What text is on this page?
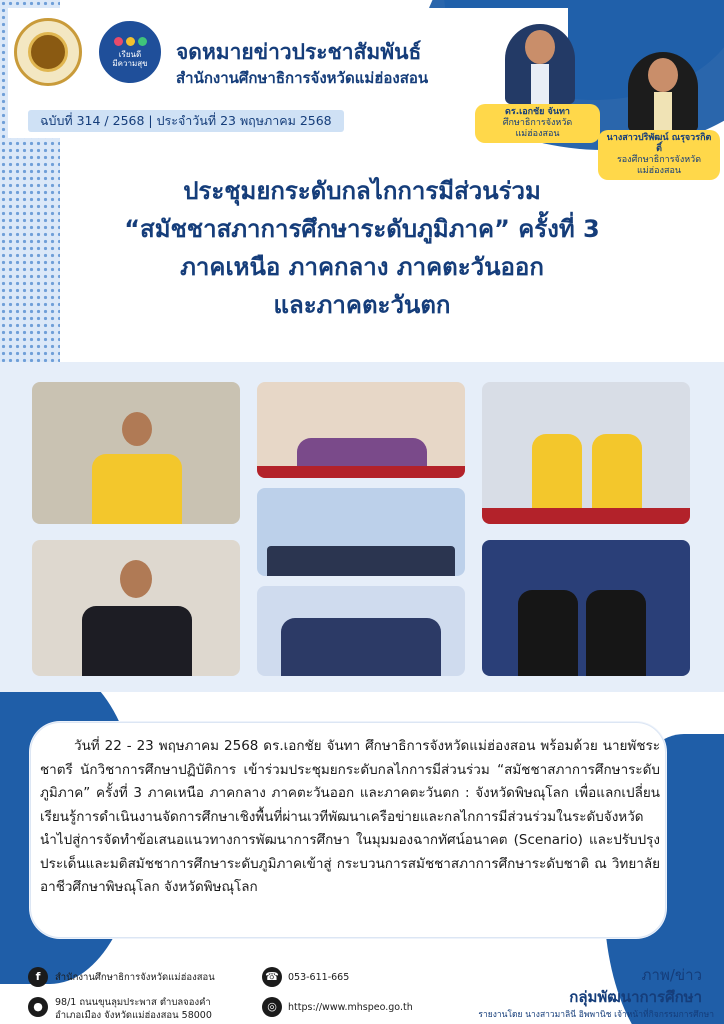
เรียนดี
มีความสุข จดหมายข่าวประชาสัมพันธ์
สำนักงานศึกษาธิการจังหวัดแม่ฮ่องสอน
ฉบับที่ 314 / 2568 | ประจำวันที่ 23 พฤษภาคม 2568
ดร.เอกชัย จันทา
ศึกษาธิการจังหวัดแม่ฮ่องสอน	นางสาวปริพัฒน์ ณรุจวรกิตติ์
รองศึกษาธิการจังหวัดแม่ฮ่องสอน
ประชุมยกระดับกลไกการมีส่วนร่วม
“สมัชชาสภาการศึกษาระดับภูมิภาค” ครั้งที่ 3
ภาคเหนือ ภาคกลาง ภาคตะวันออก
และภาคตะวันตก
วันที่ 22 - 23 พฤษภาคม 2568 ดร.เอกชัย จันทา ศึกษาธิการจังหวัดแม่ฮ่องสอน พร้อมด้วย นายพัชระ ชาตรี นักวิชาการศึกษาปฏิบัติการ เข้าร่วมประชุมยกระดับกลไกการมีส่วนร่วม “สมัชชาสภาการศึกษาระดับภูมิภาค” ครั้งที่ 3 ภาคเหนือ ภาคกลาง ภาคตะวันออก และภาคตะวันตก : จังหวัดพิษณุโลก เพื่อแลกเปลี่ยนเรียนรู้การดำเนินงานจัดการศึกษาเชิงพื้นที่ผ่านเวทีพัฒนาเครือข่ายและกลไกการมีส่วนร่วมในระดับจังหวัด นำไปสู่การจัดทำข้อเสนอแนวทางการพัฒนาการศึกษา ในมุมมองฉากทัศน์อนาคต (Scenario) และปรับปรุงประเด็นและมติสมัชชาการศึกษาระดับภูมิภาคเข้าสู่ กระบวนการสมัชชาสภาการศึกษาระดับชาติ ณ วิทยาลัยอาชีวศึกษาพิษณุโลก จังหวัดพิษณุโลก
f	สำนักงานศึกษาธิการจังหวัดแม่ฮ่องสอน
●	98/1 ถนนขุนลุมประพาส ตำบลจองคำ
อำเภอเมือง จังหวัดแม่ฮ่องสอน 58000
☎ 053-611-665
◎	https://www.mhspeo.go.th
ภาพ/ข่าว
กลุ่มพัฒนาการศึกษา
รายงานโดย นางสาวมาลินี อิพพานิช เจ้าหน้าที่กิจกรรมการศึกษา
